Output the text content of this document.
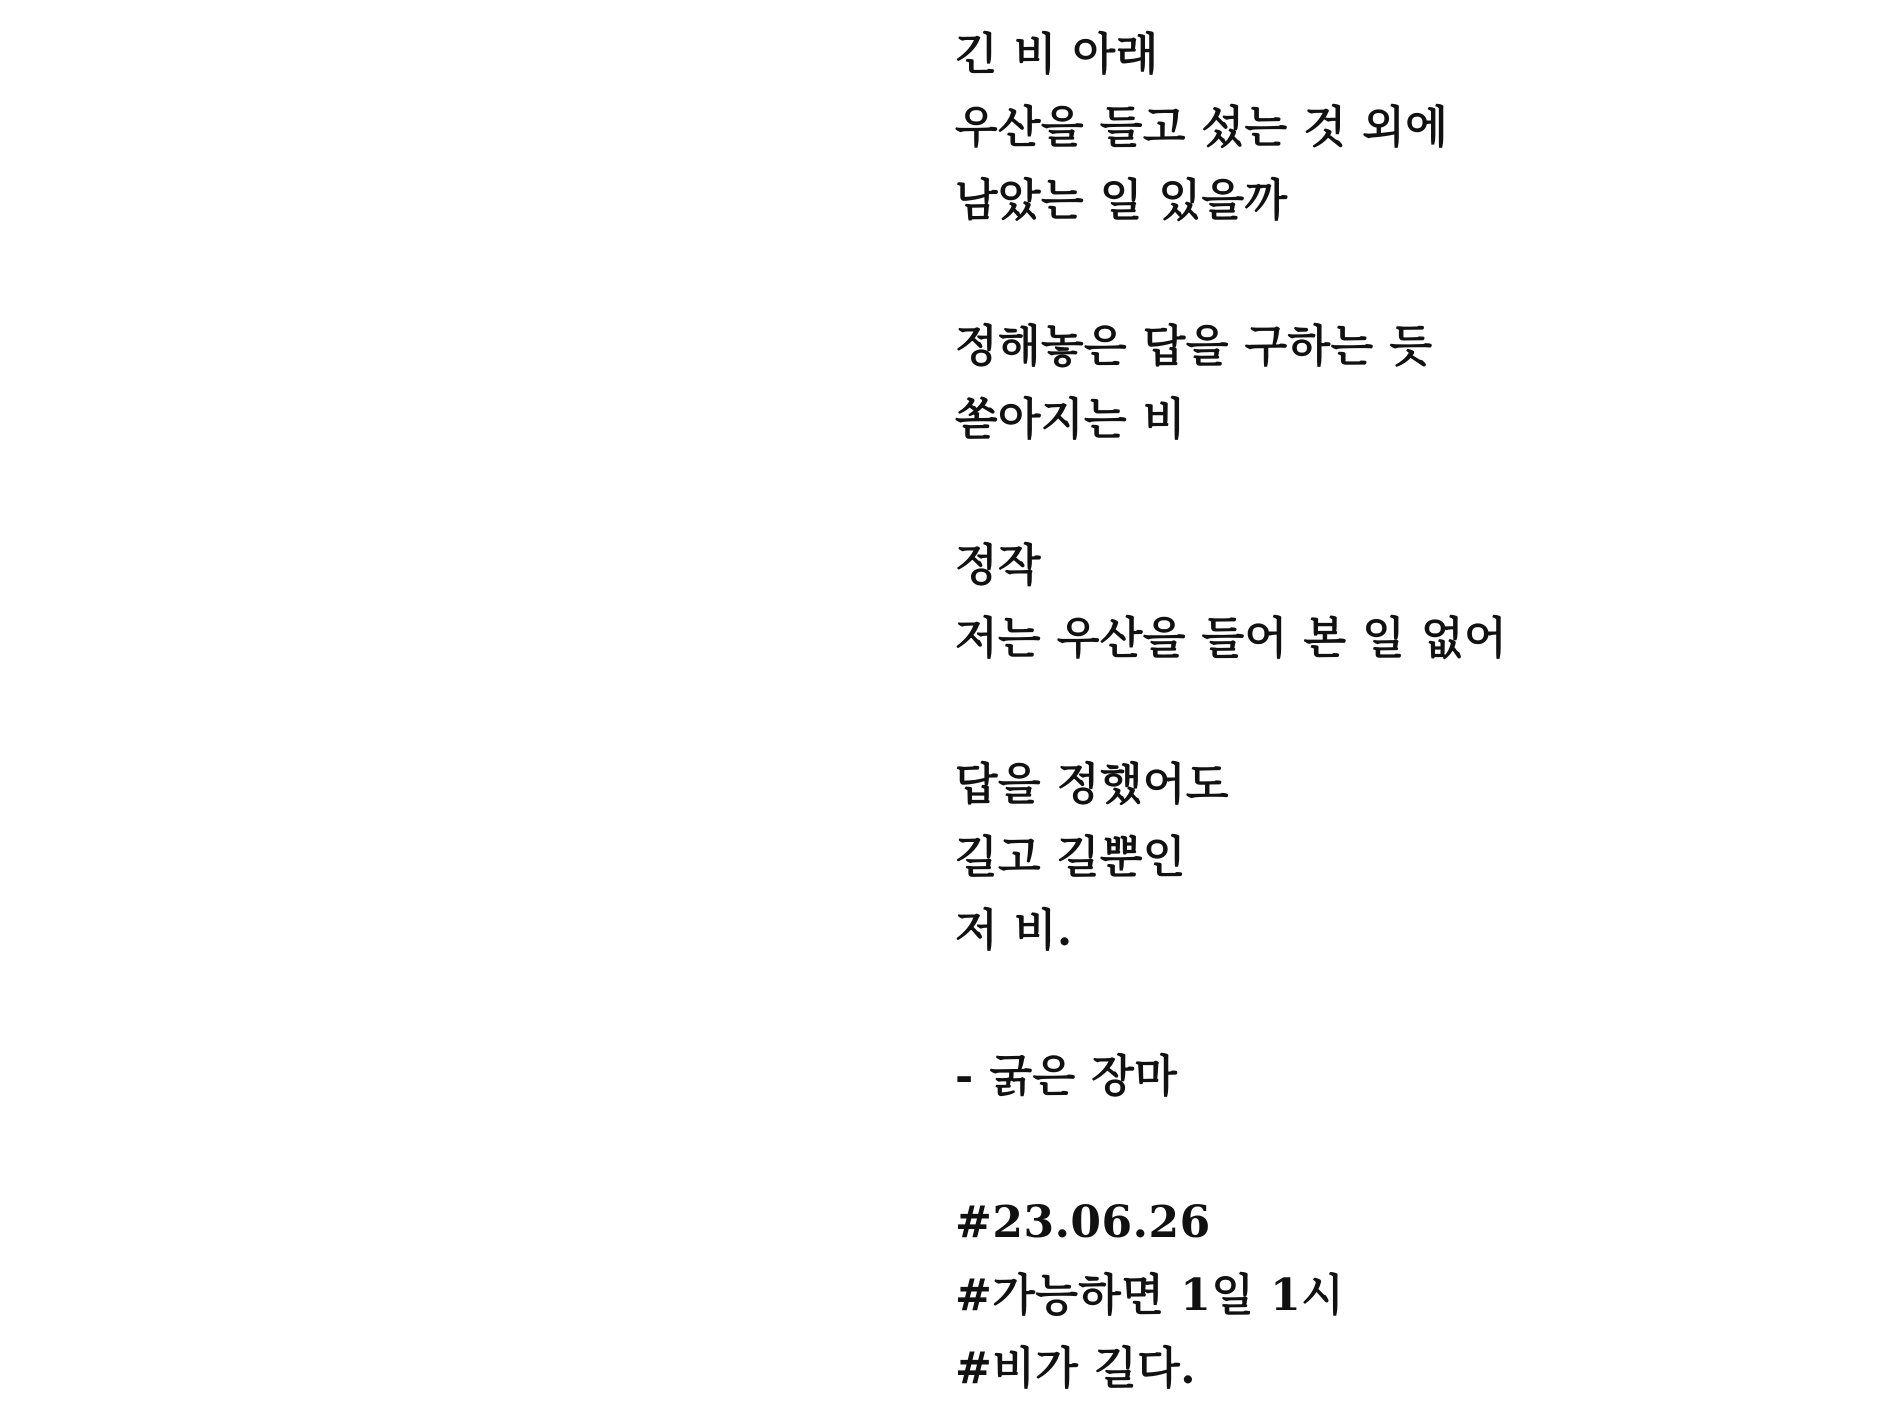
긴 비 아래
우산을 들고 섰는 것 외에
남았는 일 있을까
정해놓은 답을 구하는 듯
쏟아지는 비
정작
저는 우산을 들어 본 일 없어
답을 정했어도
길고 길뿐인
저 비.
- 굵은 장마
#23.06.26
#가능하면 1일 1시
#비가 길다.
